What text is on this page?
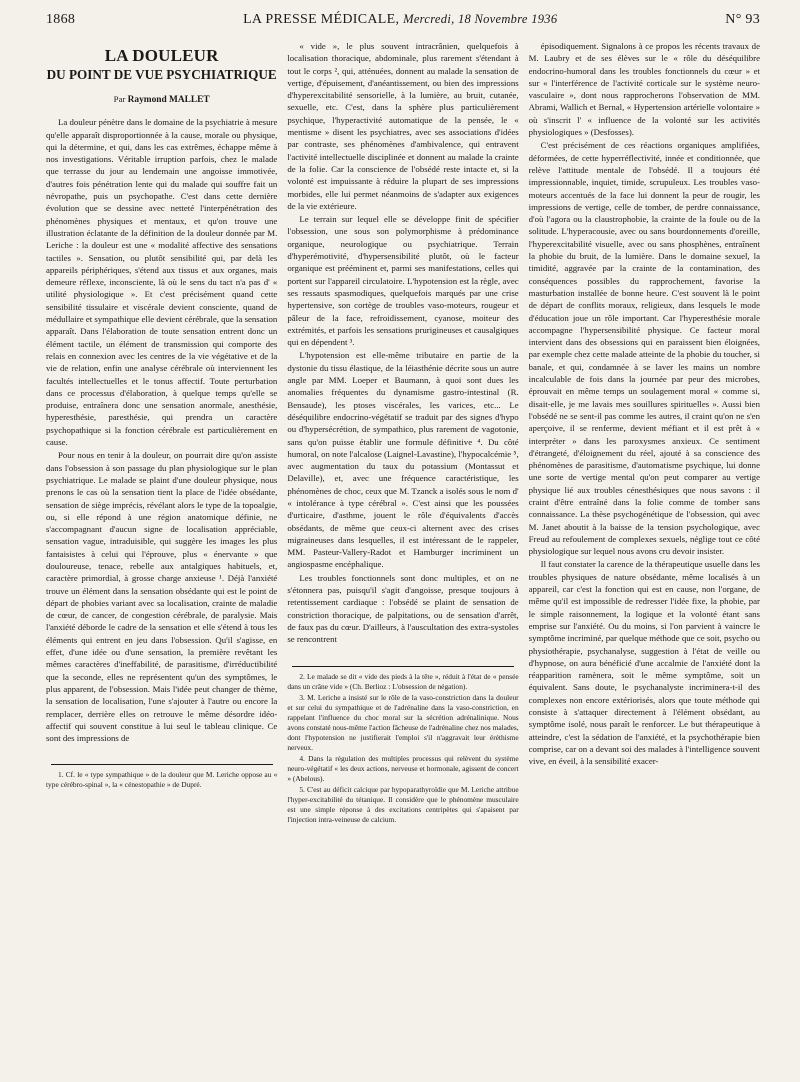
1868	LA PRESSE MÉDICALE, Mercredi, 18 Novembre 1936	N° 93
LA DOULEUR
DU POINT DE VUE PSYCHIATRIQUE
Par Raymond MALLET

La douleur pénètre dans le domaine de la psychiatrie à mesure qu'elle apparaît disproportionnée à la cause, morale ou physique, qui la détermine, et qui, dans les cas extrêmes, échappe même à nos investigations. Véritable irruption parfois, chez le malade que terrasse du jour au lendemain une angoisse immotivée, d'autres fois pénétration lente qui du malade qui souffre fait un névropathe, puis un psychopathe. C'est dans cette dernière évolution que se dessine avec netteté l'interpénétration des phénomènes physiques et mentaux, et qu'on trouve une illustration éclatante de la définition de la douleur donnée par M. Leriche : la douleur est une « modalité affective des sensations tactiles ». Sensation, ou plutôt sensibilité qui, par delà les appareils périphériques, s'étend aux tissus et aux organes, mais demeure réflexe, inconsciente, là où le sens du tact n'a pas d' « utilité physiologique ». Et c'est précisément quand cette sensibilité tissulaire et viscérale devient consciente, quand de médullaire et sympathique elle devient cérébrale, que la sensation apparaît. Dans l'élaboration de toute sensation entrent donc un élément tactile, un élément de transmission qui comporte des relais en connexion avec les centres de la vie végétative et de la vie de relation, enfin une analyse cérébrale où interviennent les facultés intellectuelles et le tonus affectif. Toute perturbation dans ce processus d'élaboration, à quelque temps qu'elle se produise, entraînera donc une sensation anormale, anesthésie, hyperesthésie, paresthésie, qui prendra un caractère psychopathique si la fonction cérébrale est particulièrement en cause.

Pour nous en tenir à la douleur, on pourrait dire qu'on assiste dans l'obsession à son passage du plan physiologique sur le plan psychiatrique. Le malade se plaint d'une douleur physique, nous prenons le cas où la sensation tient la place de l'idée obsédante, sensation de siège imprécis, révélant alors le type de la topoalgie, ou, si elle répond à une région anatomique définie, ne s'accompagnant d'aucun signe de localisation appréciable, sensation vague, intraduisible, qui suggère les images les plus fantaisistes à celui qui l'éprouve, plus « énervante » que douloureuse, tenace, rebelle aux antalgiques habituels, et, caractère primordial, à grosse charge anxieuse ¹. Déjà l'anxiété trouve un élément dans la sensation obsédante qui est le point de départ de phobies variant avec sa localisation, crainte de maladie de cœur, de cancer, de congestion cérébrale, de paralysie. Mais l'anxiété déborde le cadre de la sensation et elle s'étend à tous les éléments qui entrent en jeu dans l'obsession. Qu'il s'agisse, en effet, d'une idée ou d'une sensation, la première revêtant les mêmes caractères d'ineffabilité, de parasitisme, d'irréductibilité que la seconde, elles ne représentent qu'un des symptômes, le plus apparent, de l'obsession. Mais l'idée peut changer de thème, la sensation de localisation, l'une s'ajouter à l'autre ou encore la remplacer, derrière elles on retrouve le même désordre idéo-affectif qui souvent constitue à lui seul le tableau clinique. Ce sont des impressions de

1. Cf. le « type sympathique » de la douleur que M. Leriche oppose au « type cérébro-spinal », la « cénestopathie » de Dupré.

« vide », le plus souvent intracrânien, quelquefois à localisation thoracique, abdominale, plus rarement s'étendant à tout le corps ², qui, atténuées, donnent au malade la sensation de vertige, d'épuisement, d'anéantissement, ou bien des impressions d'hyperexcitabilité sensorielle, à la lumière, au bruit, cutanée, sexuelle, etc. C'est, dans la sphère plus particulièrement psychique, l'hyperactivité automatique de la pensée, le « mentisme » disent les psychiatres, avec ses associations d'idées par contraste, ses phénomènes d'ambivalence, qui entravent l'activité intellectuelle disciplinée et donnent au malade la crainte de la folie. Car la conscience de l'obsédé reste intacte et, si la volonté est impuissante à réduire la plupart de ses impressions morbides, elle lui permet néanmoins de s'adapter aux exigences de la vie extérieure.

Le terrain sur lequel elle se développe finit de spécifier l'obsession, une sous son polymorphisme à prédominance organique, neurologique ou psychiatrique. Terrain d'hyperémotivité, d'hypersensibilité plutôt, où le facteur organique est prééminent et, parmi ses manifestations, celles qui portent sur l'appareil circulatoire. L'hypotension est la règle, avec ses ressauts spasmodiques, quelquefois marqués par une crise hypertensive, son cortège de troubles vaso-moteurs, rougeur et pâleur de la face, refroidissement, cyanose, moiteur des extrémités, et parfois les sensations prurigineuses et causalgiques qui en dépendent ³.

L'hypotension est elle-même tributaire en partie de la dystonie du tissu élastique, de la léiasthénie décrite sous un autre angle par MM. Loeper et Baumann, à quoi sont dues les anomalies fréquentes du dynamisme gastro-intestinal (R. Bensaude), les ptoses viscérales, les varices, etc... Le déséquilibre endocrino-végétatif se traduit par des signes d'hypo ou d'hypersécrétion, de sympathico, plus rarement de vagotonie, sans qu'on puisse établir une formule définitive ⁴. Du côté humoral, on note l'alcalose (Laignel-Lavastine), l'hypocalcémie ⁵, avec augmentation du taux du potassium (Montassut et Delaville), et, avec une fréquence caractéristique, les phénomènes de choc, ceux que M. Tzanck a isolés sous le nom d' « intolérance à type cérébral ». C'est ainsi que les poussées d'urticaire, d'asthme, jouent le rôle d'équivalents d'accès obsédants, de même que ceux-ci alternent avec des crises migraineuses dans lesquelles, il est intéressant de le rappeler, MM. Pasteur-Vallery-Radot et Hamburger incriminent un angiospasme encéphalique.

Les troubles fonctionnels sont donc multiples, et on ne s'étonnera pas, puisqu'il s'agit d'angoisse, presque toujours à retentissement cardiaque : l'obsédé se plaint de sensation de constriction thoracique, de palpitations, ou de sensation d'arrêt, de faux pas du cœur. D'ailleurs, à l'auscultation des extra-systoles se rencontrent

2. Le malade se dit « vide des pieds à la tête », réduit à l'état de « pensée dans un crâne vide » (Ch. Berlioz : L'obsession de négation).

3. M. Leriche a insisté sur le rôle de la vaso-constriction dans la douleur et sur celui du sympathique et de l'adrénaline dans la vaso-constriction, en rappelant l'influence du choc moral sur la sécrétion adrénalinique. Nous avons constaté nous-même l'action fâcheuse de l'adrénaline chez nos malades, dont l'hypotension ne justifierait l'emploi s'il n'aggravait leur éréthisme nerveux.

4. Dans la régulation des multiples processus qui relèvent du système neuro-végétatif « les deux actions, nerveuse et hormonale, agissent de concert » (Abelous).

5. C'est au déficit calcique par hypoparathyroïdie que M. Leriche attribue l'hyper-excitabilité du tétanique. Il considère que le phénomène musculaire est une simple réponse à des excitations centripètes qui s'apaisent par l'injection intra-veineuse de calcium.

épisodiquement. Signalons à ce propos les récents travaux de M. Laubry et de ses élèves sur le « rôle du déséquilibre endocrino-humoral dans les troubles fonctionnels du cœur » et sur « l'interférence de l'activité corticale sur le système neuro-vasculaire », dont nous rapprocherons l'observation de MM. Abrami, Wallich et Bernal, « Hypertension artérielle volontaire » où s'inscrit l' « influence de la volonté sur les activités physiologiques » (Desfosses).

C'est précisément de ces réactions organiques amplifiées, déformées, de cette hyperréflectivité, innée et conditionnée, que relève l'attitude mentale de l'obsédé. Il a toujours été impressionnable, inquiet, timide, scrupuleux. Les troubles vaso-moteurs accentués de la face lui donnent la peur de rougir, les impressions de vertige, celle de tomber, de perdre connaissance, d'où l'agora ou la claustrophobie, la crainte de la foule ou de la solitude. L'hyperacousie, avec ou sans bourdonnements d'oreille, l'hyperexcitabilité visuelle, avec ou sans phosphènes, entraînent la phobie du bruit, de la lumière. Dans le domaine sexuel, la timidité, aggravée par la crainte de la contamination, des conséquences possibles du rapprochement, favorise la masturbation installée de bonne heure. C'est souvent là le point de départ de conflits moraux, religieux, dans lesquels le mode d'éducation joue un rôle important. Car l'hyperesthésie morale accompagne l'hypersensibilité physique. Ce facteur moral intervient dans des obsessions qui en paraissent bien éloignées, par exemple chez cette malade atteinte de la phobie du toucher, si banale, et qui, condamnée à se laver les mains un nombre incalculable de fois dans la journée par peur des microbes, éprouvait en même temps un soulagement moral « comme si, disait-elle, je me lavais mes souillures spirituelles ». Aussi bien l'obsédé ne se sent-il pas comme les autres, il craint qu'on ne s'en aperçoive, il se renferme, devient méfiant et il est prêt à « interpréter » dans les paroxysmes anxieux. Ce sentiment d'étrangeté, d'éloignement du réel, ajouté à sa conscience des phénomènes de parasitisme, d'automatisme psychique, lui donne une sorte de vertige mental qu'on peut comparer au vertige physique lié aux troubles cénesthésiques que nous savons : il craint d'être entraîné dans la folie comme de tomber sans connaissance. La thèse psychogénétique de l'obsession, qui avec M. Janet aboutit à la baisse de la tension psychologique, avec Freud au refoulement de complexes sexuels, néglige tout ce côté physiologique sur lequel nous avons cru devoir insister.

Il faut constater la carence de la thérapeutique usuelle dans les troubles physiques de nature obsédante, même localisés à un appareil, car c'est la fonction qui est en cause, non l'organe, de même qu'il est impossible de redresser l'idée fixe, la phobie, par le simple raisonnement, la logique et la volonté étant sans emprise sur l'anxiété. Ou du moins, si l'on parvient à vaincre le symptôme incriminé, par quelque méthode que ce soit, psycho ou physiothérapie, psychanalyse, suggestion à l'état de veille ou d'hypnose, on aura bénéficié d'une accalmie de l'anxiété dont la réapparition ramènera, soit le même symptôme, soit un équivalent. Sans doute, le psychanalyste incriminera-t-il des complexes non encore extériorisés, alors que toute méthode qui consiste à s'attaquer directement à l'élément obsédant, au symptôme isolé, nous paraît le renforcer. Le but thérapeutique à atteindre, c'est la sédation de l'anxiété, et la psychothérapie bien comprise, car on a devant soi des malades à l'intelligence souvent vive, en éveil, à la sensibilité exacer-
